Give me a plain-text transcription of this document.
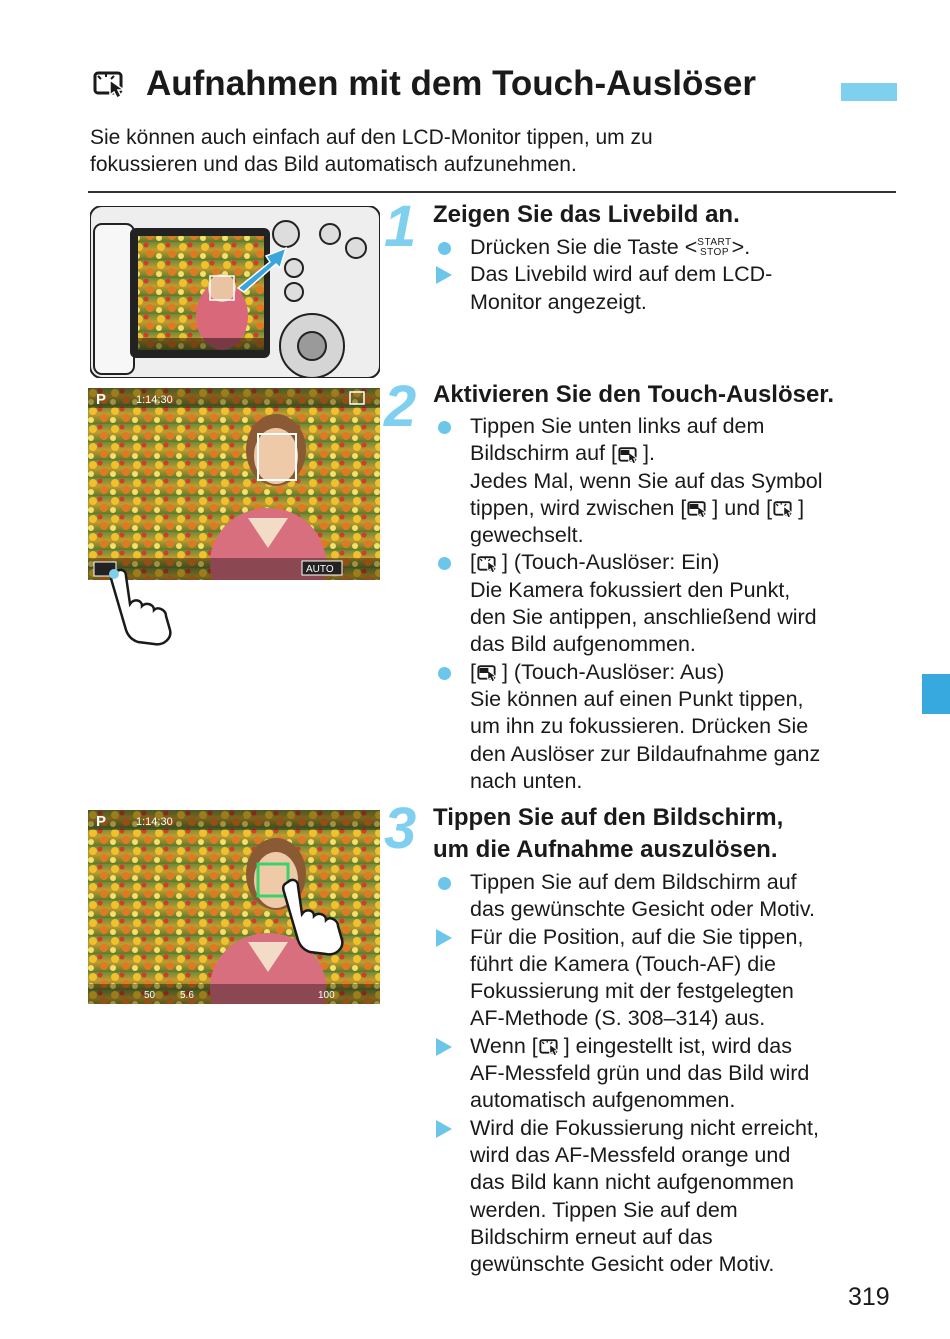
Aufnahmen mit dem Touch-Auslöser
Sie können auch einfach auf den LCD-Monitor tippen, um zu
fokussieren und das Bild automatisch aufzunehmen.
P	1:14:30
AUTO
P	1:14:30
50 5.6	100
1
2
3
Zeigen Sie das Livebild an.
Drücken Sie die Taste < START
STOP >.
Das Livebild wird auf dem LCD-
Monitor angezeigt.
Aktivieren Sie den Touch-Auslöser.
Tippen Sie unten links auf dem
Bildschirm auf [ ].
Jedes Mal, wenn Sie auf das Symbol
tippen, wird zwischen [ ] und [ ]
gewechselt.
[ ] (Touch-Auslöser: Ein)
Die Kamera fokussiert den Punkt,
den Sie antippen, anschließend wird
das Bild aufgenommen.
[ ] (Touch-Auslöser: Aus)
Sie können auf einen Punkt tippen,
um ihn zu fokussieren. Drücken Sie
den Auslöser zur Bildaufnahme ganz
nach unten.
Tippen Sie auf den Bildschirm,
um die Aufnahme auszulösen.
Tippen Sie auf dem Bildschirm auf
das gewünschte Gesicht oder Motiv.
Für die Position, auf die Sie tippen,
führt die Kamera (Touch-AF) die
Fokussierung mit der festgelegten
AF-Methode (S. 308–314) aus.
Wenn [ ] eingestellt ist, wird das
AF-Messfeld grün und das Bild wird
automatisch aufgenommen.
Wird die Fokussierung nicht erreicht,
wird das AF-Messfeld orange und
das Bild kann nicht aufgenommen
werden. Tippen Sie auf dem
Bildschirm erneut auf das
gewünschte Gesicht oder Motiv.
319
